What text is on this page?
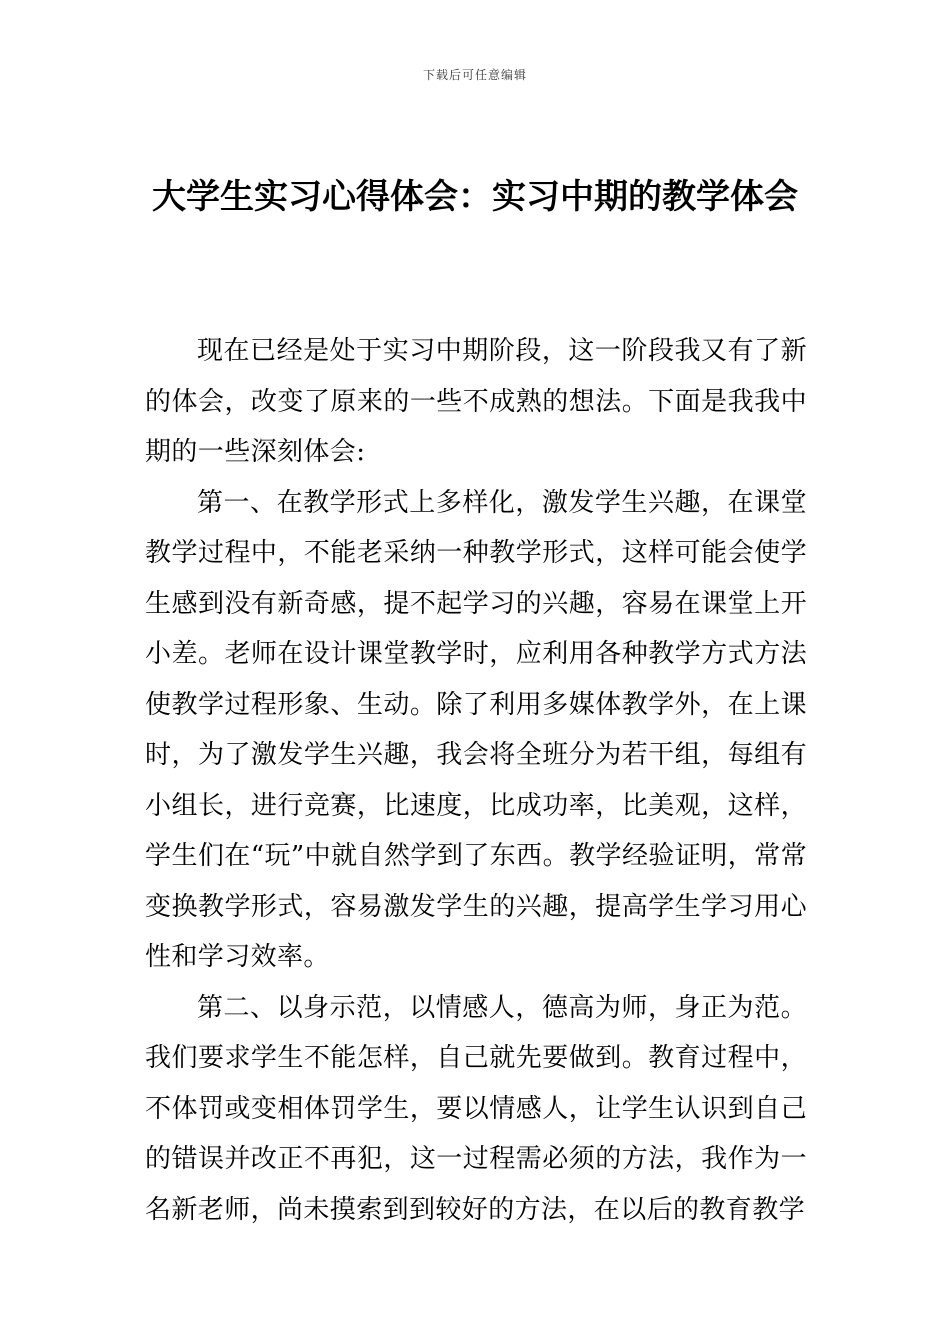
下载后可任意编辑
大学生实习心得体会：实习中期的教学体会

现在已经是处于实习中期阶段，这一阶段我又有了新的体会，改变了原来的一些不成熟的想法。下面是我我中期的一些深刻体会:

第一、在教学形式上多样化，激发学生兴趣，在课堂教学过程中，不能老采纳一种教学形式，这样可能会使学生感到没有新奇感，提不起学习的兴趣，容易在课堂上开小差。老师在设计课堂教学时，应利用各种教学方式方法使教学过程形象、生动。除了利用多媒体教学外，在上课时，为了激发学生兴趣，我会将全班分为若干组，每组有小组长，进行竞赛，比速度，比成功率，比美观，这样，学生们在“玩”中就自然学到了东西。教学经验证明，常常变换教学形式，容易激发学生的兴趣，提高学生学习用心性和学习效率。

第二、以身示范，以情感人，德高为师，身正为范。我们要求学生不能怎样，自己就先要做到。教育过程中，不体罚或变相体罚学生，要以情感人，让学生认识到自己的错误并改正不再犯，这一过程需必须的方法，我作为一名新老师，尚未摸索到到较好的方法，在以后的教育教学
